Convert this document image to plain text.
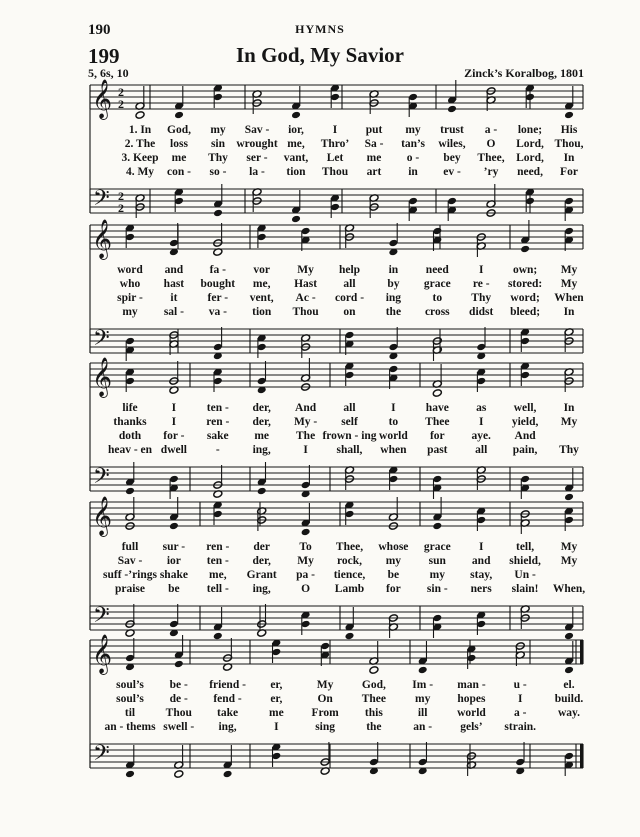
190	HYMNS
199	In God, My Savior
5, 6s, 10	Zinck’s Koralbog, 1801
𝄞
𝄢
2
2
2
2
1. In God, my Sav - ior,	I put my trust a - lone; His
2. The loss sin wrought me, Thro’ Sa - tan’s wiles, O Lord, Thou,
3. Keep me Thy ser - vant, Let me o - bey Thee, Lord, In
4. My con - so - la - tion Thou art in ev - ’ry need, For
𝄞
𝄢
word and fa - vor My help in need	I	own; My
who hast bought me, Hast all	by grace re - stored: My
spir - it	fer - vent, Ac - cord - ing	to	Thy word; When
my sal - va - tion Thou on	the cross didst bleed; In
𝄞
𝄢
life	I	ten - der, And all	I	have as well, In
thanks I	ren - der, My - self	to Thee	I yield, My
doth for - sake me The frown - ing world for aye. And
heav - en dwell	-	ing,	I shall, when past all pain, Thy
𝄞
𝄢
full sur - ren - der	To Thee, whose grace I	tell, My
Sav - ior ten - der, My rock, my sun and shield, My
suff -’rings shake me, Grant pa - tience, be	my stay, Un -
praise be tell - ing,	O Lamb for sin - ners slain! When,
𝄞
𝄢
soul’s be - friend - er,	My God, Im - man - u -	el.
soul’s de - fend - er,	On	Thee	my hopes	I	build.
til	Thou take	me From this	ill	world a -	way.
an - thems swell - ing,	I	sing	the	an - gels’ strain.
